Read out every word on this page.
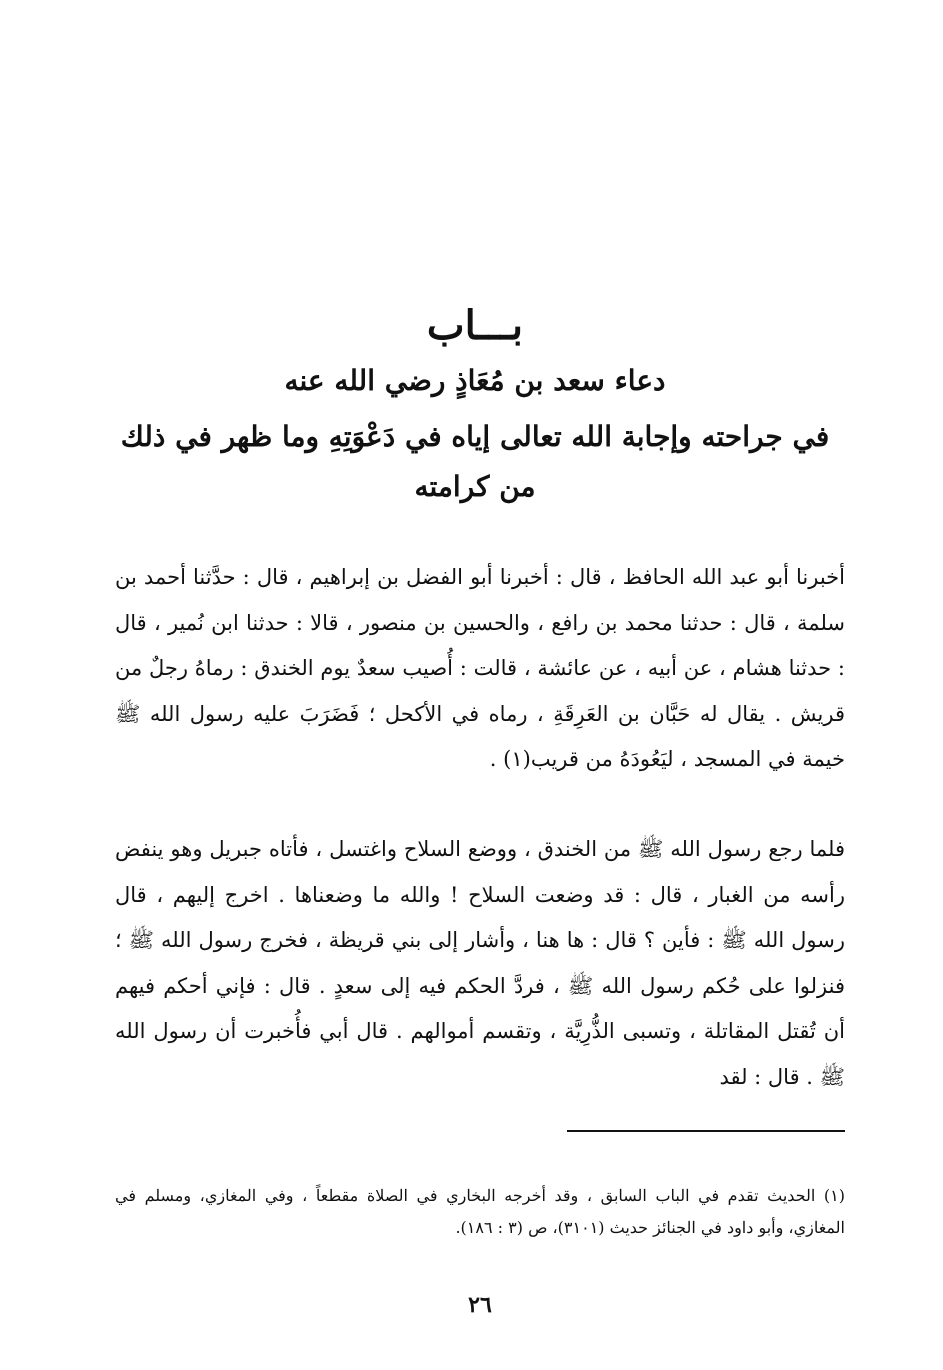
بـــاب
دعاء سعد بن مُعَاذٍ رضي الله عنه
في جراحته وإجابة الله تعالى إياه في دَعْوَتِهِ وما ظهر في ذلك من كرامته

أخبرنا أبو عبد الله الحافظ ، قال : أخبرنا أبو الفضل بن إبراهيم ، قال : حدَّثنا أحمد بن سلمة ، قال : حدثنا محمد بن رافع ، والحسين بن منصور ، قالا : حدثنا ابن نُمير ، قال : حدثنا هشام ، عن أبيه ، عن عائشة ، قالت : أُصيب سعدٌ يوم الخندق : رماهُ رجلٌ من قريش . يقال له حَبَّان بن العَرِقَةِ ، رماه في الأكحل ؛ فَضَرَبَ عليه رسول الله ﷺ خيمة في المسجد ، ليَعُودَهُ من قريب(١) .

فلما رجع رسول الله ﷺ من الخندق ، ووضع السلاح واغتسل ، فأتاه جبريل وهو ينفض رأسه من الغبار ، قال : قد وضعت السلاح ! والله ما وضعناها . اخرج إليهم ، قال رسول الله ﷺ : فأين ؟ قال : ها هنا ، وأشار إلى بني قريظة ، فخرج رسول الله ﷺ ؛ فنزلوا على حُكم رسول الله ﷺ ، فردَّ الحكم فيه إلى سعدٍ . قال : فإني أحكم فيهم أن تُقتل المقاتلة ، وتسبى الذُّرِيَّة ، وتقسم أموالهم . قال أبي فأُخبرت أن رسول الله ﷺ . قال : لقد

(١) الحديث تقدم في الباب السابق ، وقد أخرجه البخاري في الصلاة مقطعاً ، وفي المغازي، ومسلم في المغازي، وأبو داود في الجنائز حديث (٣١٠١)، ص (٣ : ١٨٦).

٢٦
